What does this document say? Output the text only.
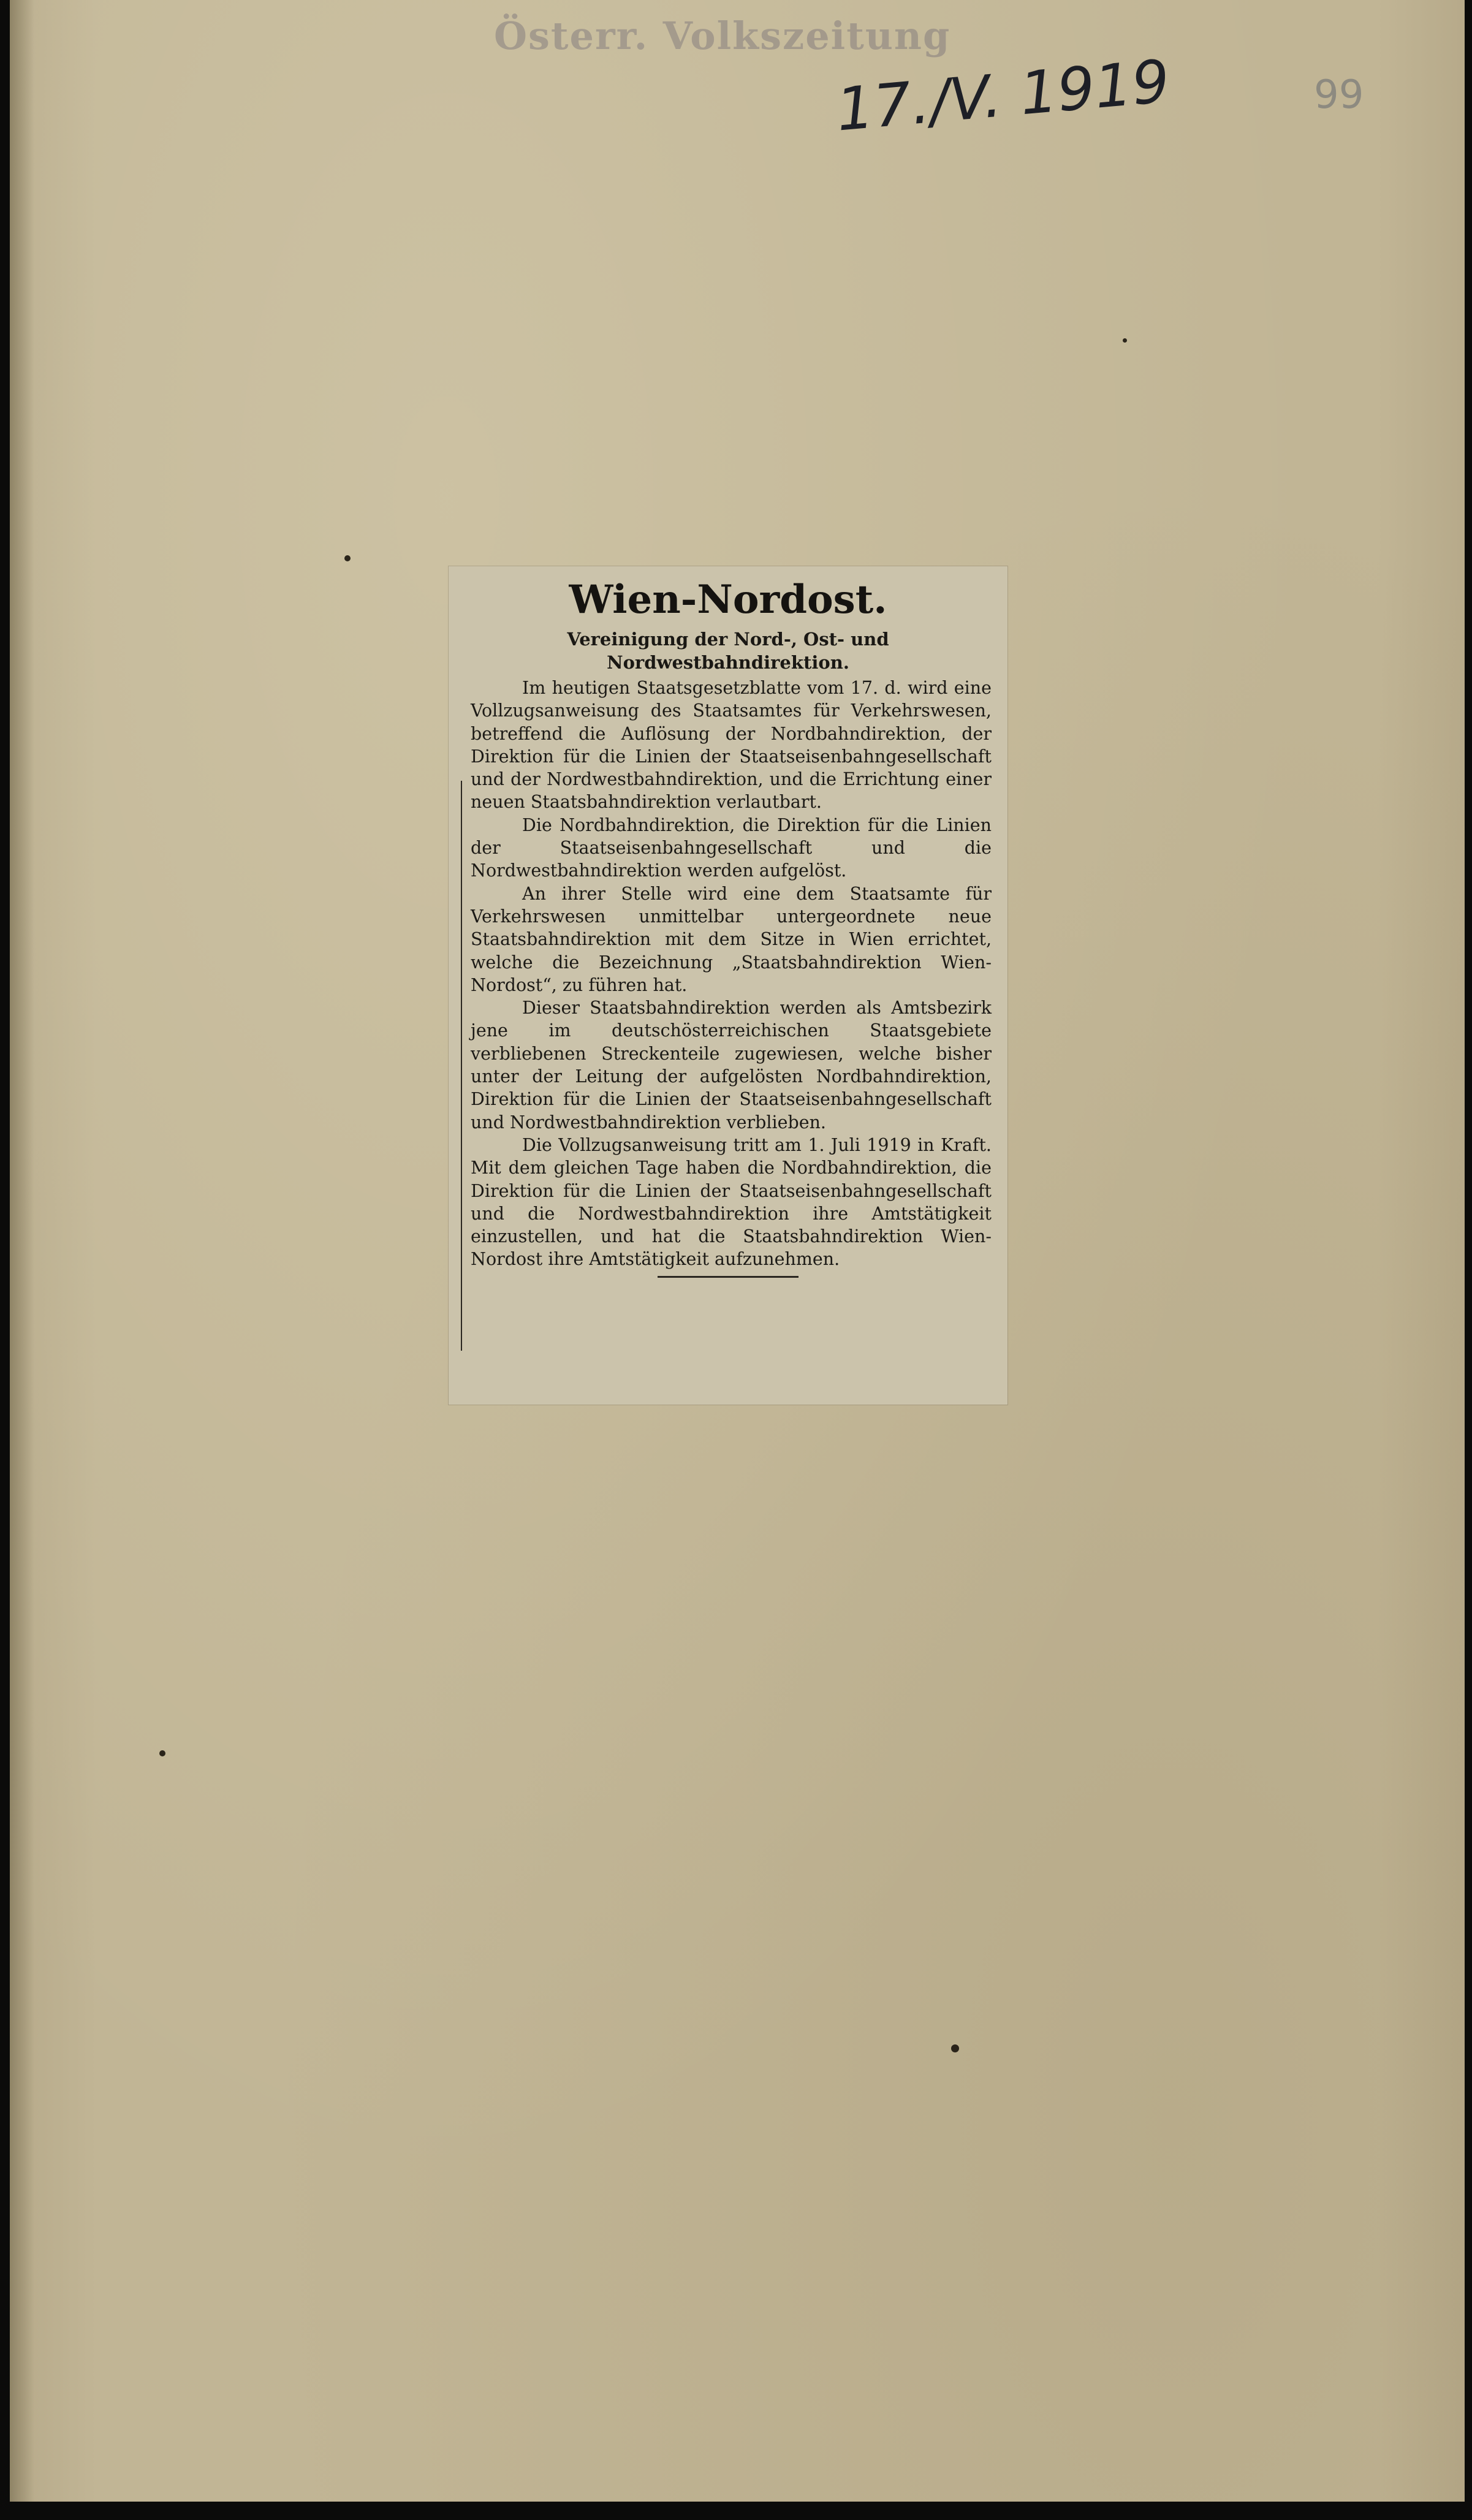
Österr. Volkszeitung
17./V. 1919	99
Wien-Nordost.

Vereinigung der Nord-, Ost- und Nordwestbahndirektion.

Im heutigen Staatsgesetzblatte vom 17. d. wird eine Vollzugsanweisung des Staatsamtes für Verkehrswesen, betreffend die Auflösung der Nordbahndirektion, der Direktion für die Linien der Staatseisenbahngesellschaft und der Nordwestbahndirektion, und die Errichtung einer neuen Staatsbahndirektion verlautbart.

Die Nordbahndirektion, die Direktion für die Linien der Staatseisenbahngesellschaft und die Nordwestbahndirektion werden aufgelöst.

An ihrer Stelle wird eine dem Staatsamte für Verkehrswesen unmittelbar untergeordnete neue Staatsbahndirektion mit dem Sitze in Wien errichtet, welche die Bezeichnung „Staatsbahndirektion Wien-Nordost“, zu führen hat.

Dieser Staatsbahndirektion werden als Amtsbezirk jene im deutschösterreichischen Staatsgebiete verbliebenen Streckenteile zugewiesen, welche bisher unter der Leitung der aufgelösten Nordbahndirektion, Direktion für die Linien der Staatseisenbahngesellschaft und Nordwestbahndirektion verblieben.

Die Vollzugsanweisung tritt am 1. Juli 1919 in Kraft. Mit dem gleichen Tage haben die Nordbahndirektion, die Direktion für die Linien der Staatseisenbahngesellschaft und die Nordwestbahndirektion ihre Amtstätigkeit einzustellen, und hat die Staatsbahndirektion Wien-Nordost ihre Amtstätigkeit aufzunehmen.
